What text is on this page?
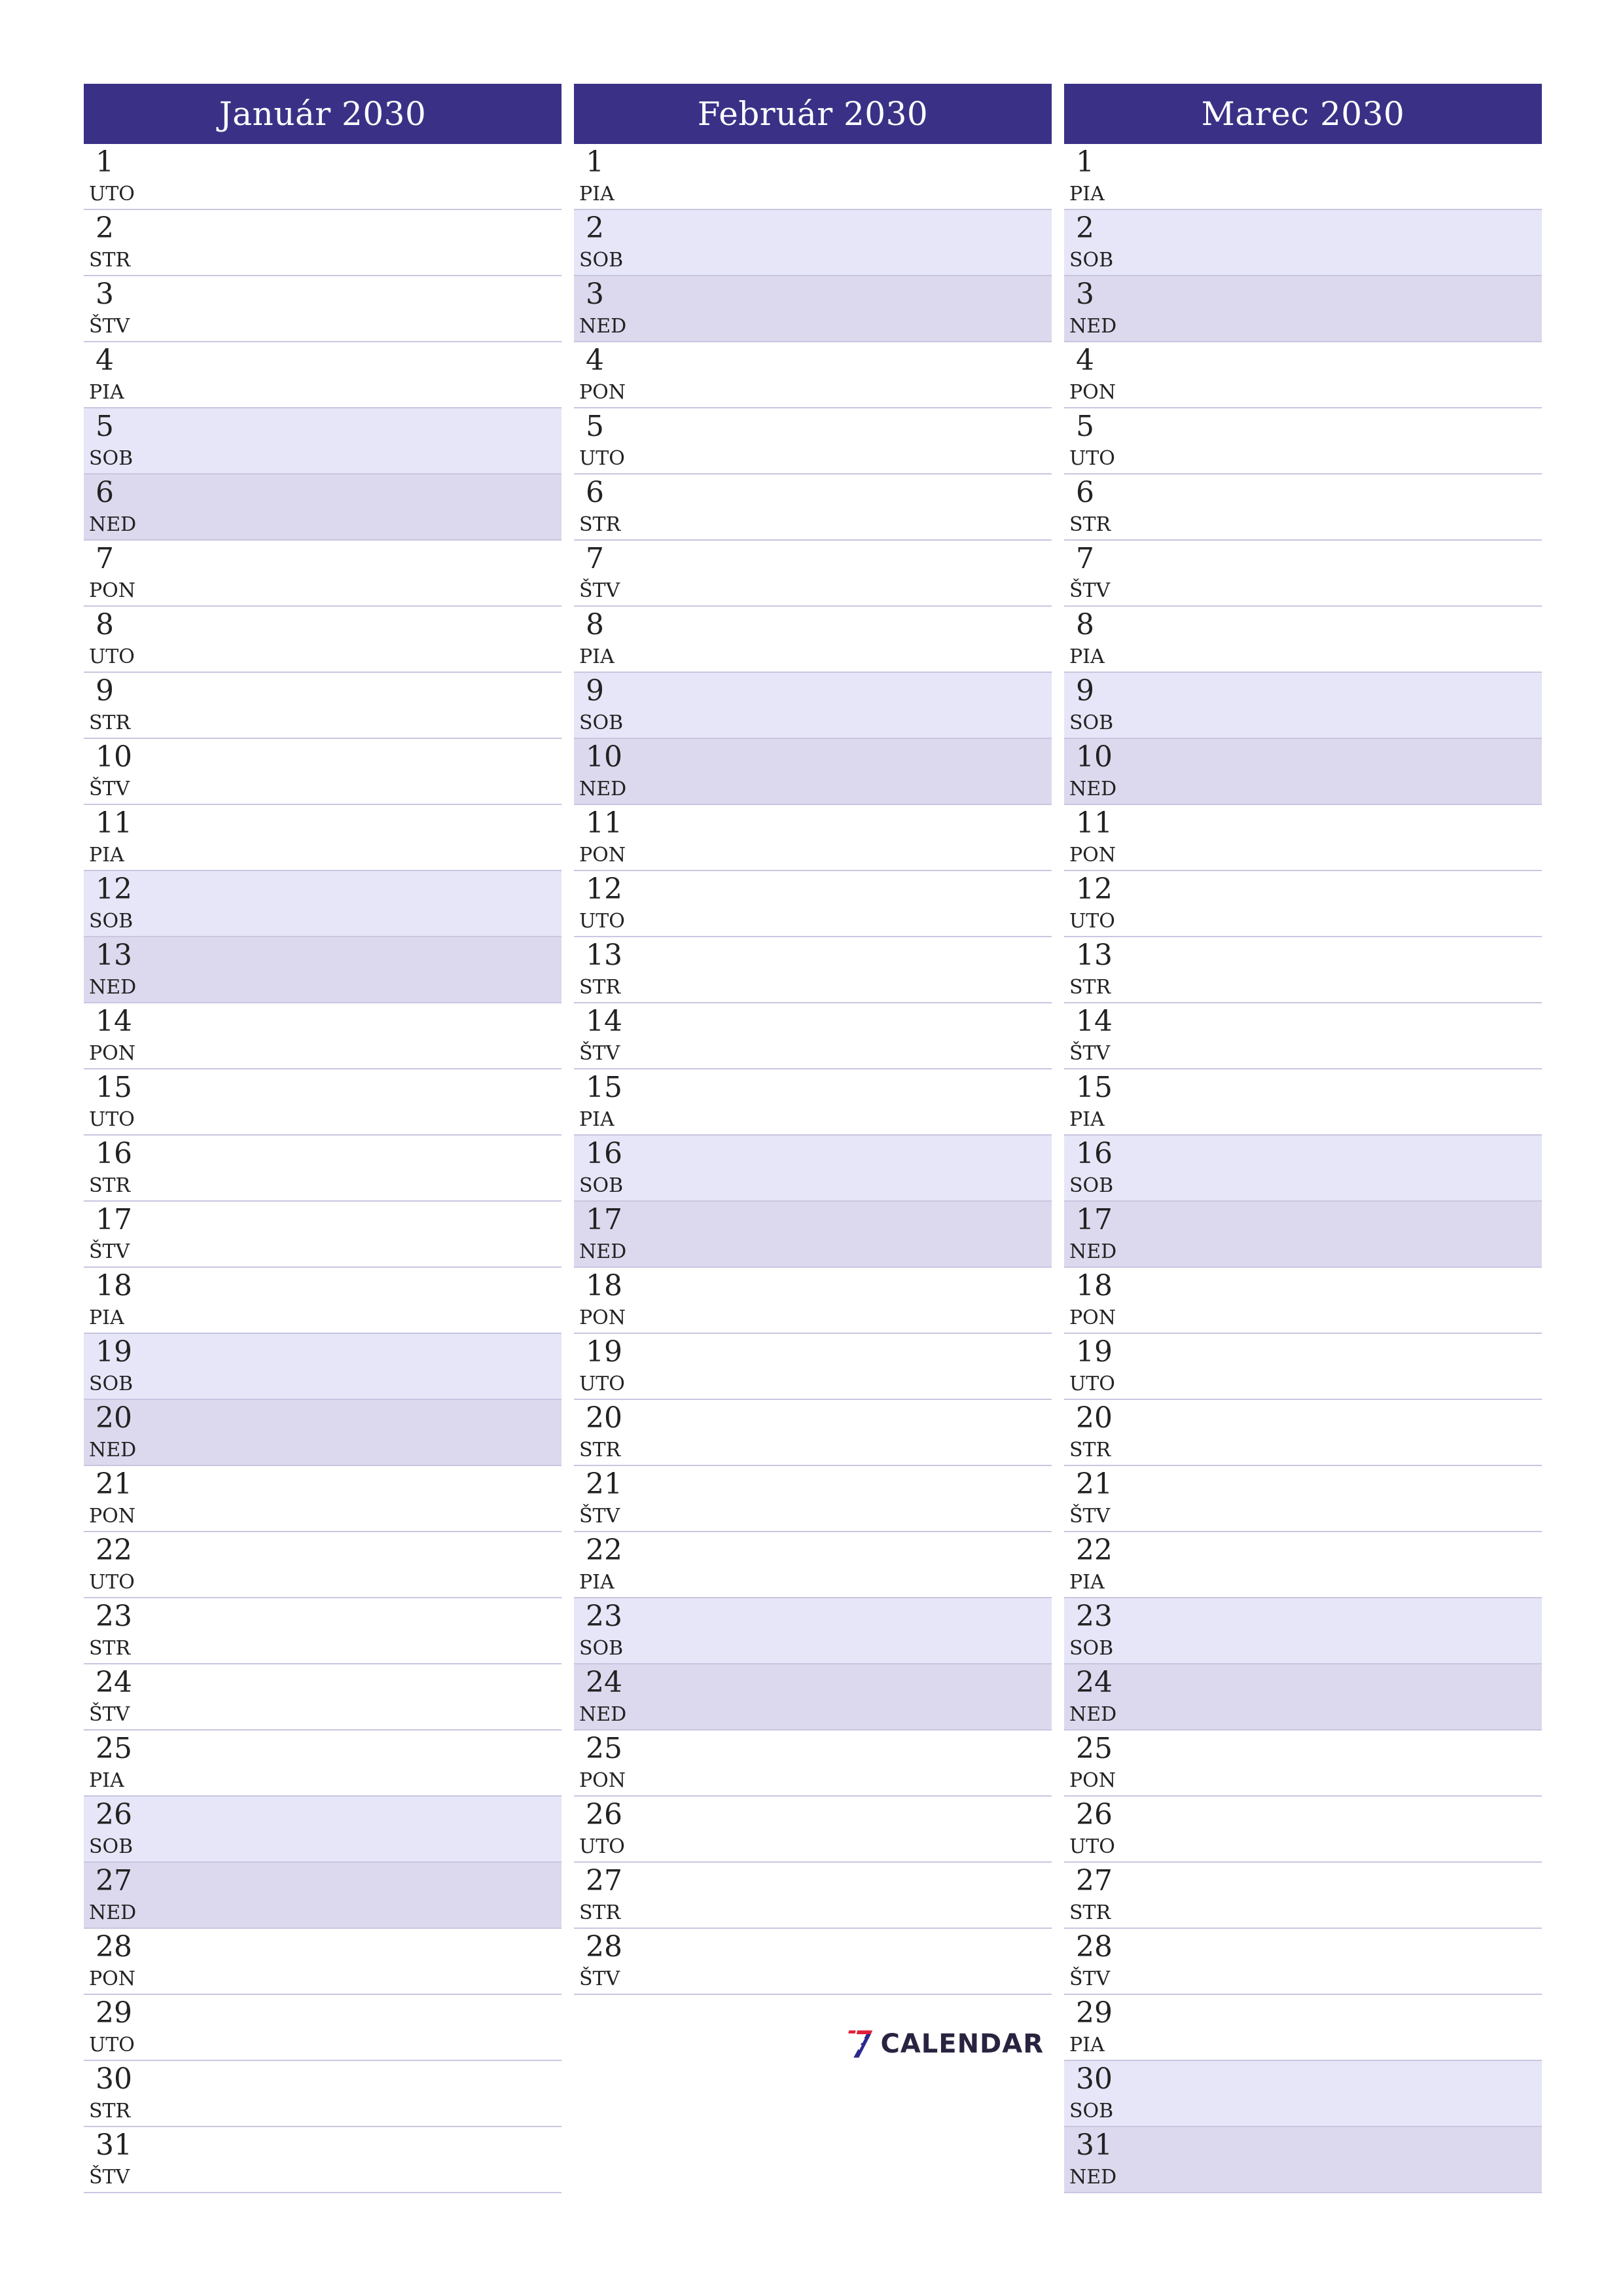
Január 2030
1
UTO
2
STR
3
ŠTV
4
PIA
5
SOB
6
NED
7
PON
8
UTO
9
STR
10
ŠTV
11
PIA
12
SOB
13
NED
14
PON
15
UTO
16
STR
17
ŠTV
18
PIA
19
SOB
20
NED
21
PON
22
UTO
23
STR
24
ŠTV
25
PIA
26
SOB
27
NED
28
PON
29
UTO
30
STR
31
ŠTV
Február 2030
1
PIA
2
SOB
3
NED
4
PON
5
UTO
6
STR
7
ŠTV
8
PIA
9
SOB
10
NED
11
PON
12
UTO
13
STR
14
ŠTV
15
PIA
16
SOB
17
NED
18
PON
19
UTO
20
STR
21
ŠTV
22
PIA
23
SOB
24
NED
25
PON
26
UTO
27
STR
28
ŠTV
Marec 2030
1
PIA
2
SOB
3
NED
4
PON
5
UTO
6
STR
7
ŠTV
8
PIA
9
SOB
10
NED
11
PON
12
UTO
13
STR
14
ŠTV
15
PIA
16
SOB
17
NED
18
PON
19
UTO
20
STR
21
ŠTV
22
PIA
23
SOB
24
NED
25
PON
26
UTO
27
STR
28
ŠTV
29
PIA
30
SOB
31
NED
CALENDAR
